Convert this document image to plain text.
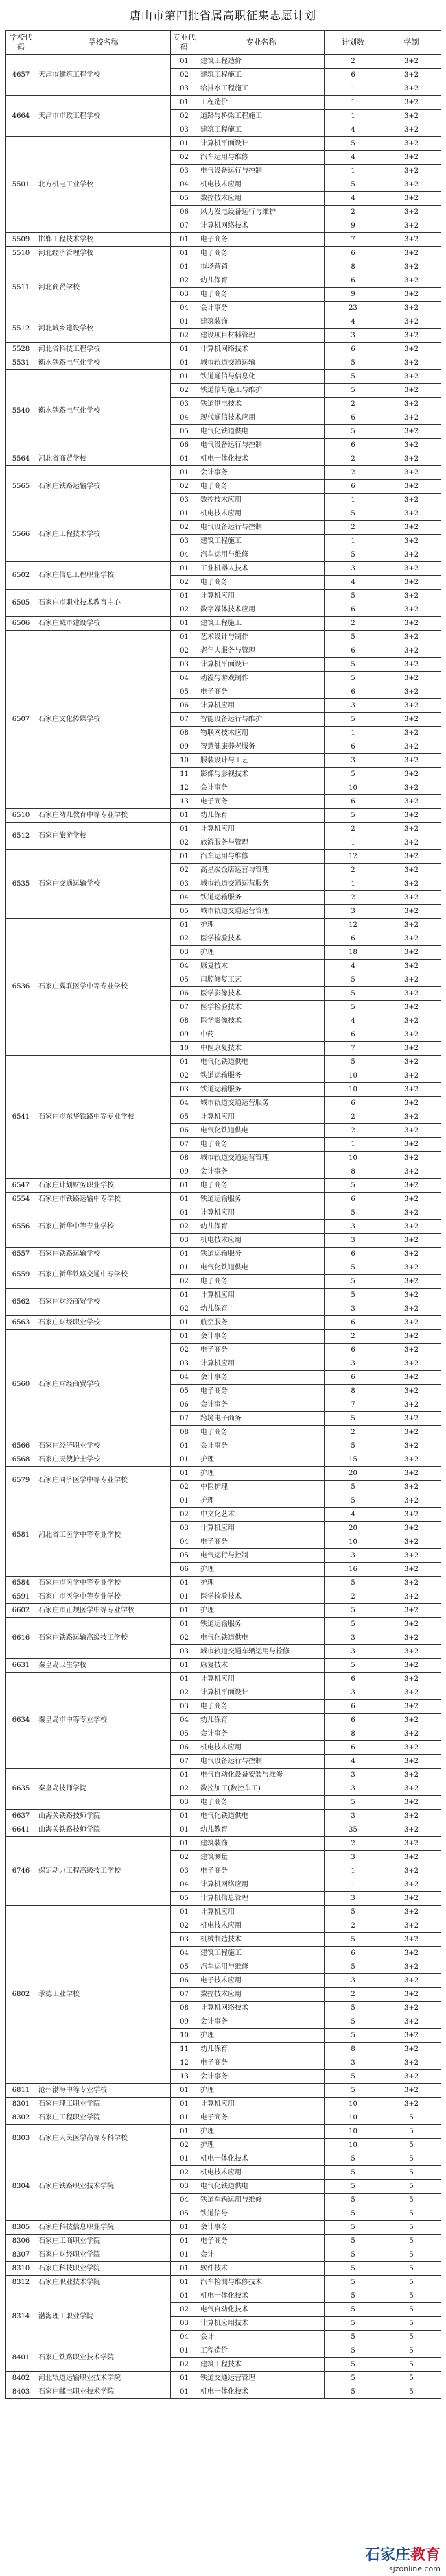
唐山市第四批省属高职征集志愿计划
学校代码	学校名称	专业代码	专业名称	计划数	学制
4657	天津市建筑工程学校	01	建筑工程造价	2	3+2
		02	建筑工程施工	6	3+2
		03	给排水工程施工	1	3+2
4664	天津市市政工程学校	01	工程造价	1	3+2
		02	道路与桥梁工程施工	1	3+2
		03	建筑工程施工	4	3+2
5501	北方机电工业学校	01	计算机平面设计	5	3+2
		02	汽车运用与维修	4	3+2
		03	电气设备运行与控制	1	3+2
		04	机电技术应用	5	3+2
		05	数控技术应用	4	3+2
		06	风力发电设备运行与维护	2	3+2
		07	计算机网络技术	9	3+2
5509	邯郸工程技术学校	01	电子商务	7	3+2
5510	河北经济管理学校	01	电子商务	6	3+2
5511	河北商贸学校	01	市场营销	8	3+2
		02	幼儿保育	6	3+2
		03	电子商务	9	3+2
		04	会计事务	23	3+2
5512	河北城乡建设学校	01	建筑装饰	4	3+2
		02	建设项目材料管理	3	3+2
5528	河北省科技工程学校	01	计算机网络技术	6	3+2
5531	衡水铁路电气化学校	01	城市轨道交通运输	5	3+2
5540	衡水铁路电气化学校	01	铁道通信与信息化	5	3+2
		02	铁道信号施工与维护	5	3+2
		03	铁道供电技术	2	3+2
		04	现代通信技术应用	6	3+2
		05	电气化铁道供电	5	3+2
		06	电气设备运行与控制	6	3+2
5564	河北省商贸学校	01	机电一体化技术	2	3+2
5565	石家庄铁路运输学校	01	会计事务	2	3+2
		02	电子商务	6	3+2
		03	数控技术应用	1	3+2
5566	石家庄工程技术学校	01	机电技术应用	5	3+2
		02	电气设备运行与控制	2	3+2
		03	建筑工程施工	1	3+2
		04	汽车运用与维修	5	3+2
6502	石家庄信息工程职业学校	01	工业机器人技术	3	3+2
		02	电子商务	4	3+2
6505	石家庄市职业技术教育中心	01	计算机应用	5	3+2
		02	数字媒体技术应用	6	3+2
6506	石家庄城市建设学校	01	建筑工程施工	2	3+2
6507	石家庄文化传媒学校	01	艺术设计与制作	5	3+2
		02	老年人服务与管理	6	3+2
		03	计算机平面设计	5	3+2
		04	动漫与游戏制作	5	3+2
		05	电子商务	6	3+2
		06	计算机应用	3	3+2
		07	智能设备运行与维护	5	3+2
		08	物联网技术应用	1	3+2
		09	智慧健康养老服务	6	3+2
		10	服装设计与工艺	3	3+2
		11	影像与影视技术	5	3+2
		12	会计事务	10	3+2
		13	电子商务	6	3+2
6510	石家庄幼儿教育中等专业学校	01	幼儿保育	5	3+2
6512	石家庄旅游学校	01	计算机应用	2	3+2
		02	旅游服务与管理	1	3+2
6535	石家庄交通运输学校	01	汽车运用与维修	12	3+2
		02	高星级饭店运营与管理	2	3+2
		03	城市轨道交通运营服务	1	3+2
		04	铁道运输服务	2	3+2
		05	城市轨道交通运营管理	3	3+2
6536	石家庄冀联医学中等专业学校	01	护理	12	3+2
		02	医学检验技术	6	3+2
		03	护理	18	3+2
		04	康复技术	4	3+2
		05	口腔修复工艺	5	3+2
		06	医学影像技术	5	3+2
		07	医学检验技术	5	3+2
		08	医学影像技术	4	3+2
		09	中药	6	3+2
		10	中医康复技术	7	3+2
6541	石家庄市东华铁路中等专业学校	01	电气化铁道供电	5	3+2
		02	铁道运输服务	10	3+2
		03	铁道运输服务	10	3+2
		04	城市轨道交通运营服务	6	3+2
		05	计算机应用	2	3+2
		06	电气化铁道供电	2	3+2
		07	电子商务	1	3+2
		08	城市轨道交通运营管理	10	3+2
		09	会计事务	8	3+2
6547	石家庄计划财务职业学校	01	电子商务	5	3+2
6554	石家庄市铁路运输中专学校	01	铁道运输服务	6	3+2
6556	石家庄新华中等专业学校	01	计算机应用	5	3+2
		02	幼儿保育	3	3+2
		03	机电技术应用	3	3+2
6557	石家庄铁路运输学校	01	铁道运输服务	6	3+2
6559	石家庄新华铁路交通中专学校	01	电气化铁道供电	5	3+2
		02	电子商务	5	3+2
6562	石家庄财经商贸学校	01	计算机应用	5	3+2
		02	幼儿保育	3	3+2
6563	石家庄财经职业学校	01	航空服务	6	3+2
6560	石家庄财经商贸学校	01	会计事务	2	3+2
		02	电子商务	6	3+2
		03	计算机应用	3	3+2
		04	会计事务	6	3+2
		05	电子商务	8	3+2
		06	会计事务	7	3+2
		07	跨境电子商务	5	3+2
		08	电子商务	2	3+2
6566	石家庄经济职业学校	01	会计事务	5	3+2
6568	石家庄天使护士学校	01	护理	15	3+2
6579	石家庄同济医学中等专业学校	01	护理	20	3+2
		02	中医护理	5	3+2
6581	河北省工医学中等专业学校	01	护理	5	3+2
		02	中文化艺术	4	3+2
		03	计算机应用	20	3+2
		04	电子商务	10	3+2
		05	电气运行与控制	3	3+2
		06	护理	16	3+2
6584	石家庄市医学中等专业学校	01	护理	5	3+2
6591	石家庄市医学中等专业学校	01	医学检验技术	2	3+2
6602	石家庄市正规医学中等专业学校	01	护理	5	3+2
6616	石家庄铁路运输高级技工学校	01	铁道运输服务	5	3+2
		02	电气化铁道供电	3	3+2
		03	城市轨道交通车辆运用与检修	3	3+2
6631	秦皇岛卫生学校	01	康复技术	5	3+2
6634	秦皇岛市中等专业学校	01	计算机应用	6	3+2
		02	计算机平面设计	3	3+2
		03	电子商务	6	3+2
		04	幼儿保育	6	3+2
		05	会计事务	8	3+2
		06	机电技术应用	6	3+2
		07	电气设备运行与控制	4	3+2
6635	秦皇岛技师学院	01	电气自动化设备安装与维修	3	3+2
		02	数控加工(数控车工)	3	3+2
		03	电子商务	5	3+2
6637	山海关铁路技师学院	01	电气化铁道供电	3	3+2
6641	山海关铁路技师学院	01	幼儿教育	35	3+2
6746	保定动力工程高级技工学校	01	建筑装饰	2	3+2
		02	建筑测量	3	3+2
		03	电子商务	1	3+2
		04	计算机网络应用	1	3+2
		05	计算机信息管理	3	3+2
6802	承德工业学校	01	计算机应用	5	3+2
		02	机电技术应用	2	3+2
		03	机械制造技术	5	3+2
		04	建筑工程施工	6	3+2
		05	汽车运用与维修	5	3+2
		06	电子技术应用	3	3+2
		07	数控技术应用	2	3+2
		08	计算机网络技术	5	3+2
		09	会计事务	5	3+2
		10	护理	5	3+2
		11	幼儿保育	8	3+2
		12	电子商务	3	3+2
		13	会计事务	5	3+2
6811	沧州渤海中等专业学校	01	护理	5	3+2
8301	石家庄理工职业学院	01	计算机应用	10	3+2
8302	石家庄工程职业学院	01	电子商务	10	5
8303	石家庄人民医学高等专科学校	01	护理	10	5
		02	护理	10	5
8304	石家庄铁路职业技术学院	01	机电一体化技术	5	5
		02	机电技术应用	5	5
		03	电气化铁道供电	5	5
		04	铁道车辆运用与维修	5	5
		05	铁道信号	5	5
8305	石家庄科技信息职业学院	01	会计事务	5	5
8306	石家庄工商职业学院	01	电子商务	5	5
8307	石家庄财经职业学院	01	会计	5	5
8310	石家庄科技职业学院	01	软件技术	5	5
8312	石家庄职业技术学院	01	汽车检测与维修技术	5	5
8314	渤海理工职业学院	01	机电一体化技术	5	5
		02	电气自动化技术	5	5
		03	计算机应用技术	5	5
		04	会计	5	5
8401	石家庄铁路职业技术学院	01	工程造价	5	5
		02	建筑工程技术	5	5
8402	河北轨道运输职业技术学院	01	铁道交通运营管理	5	5
8403	石家庄邮电职业技术学院	01	机电一体化技术	5	5
石家庄教育
sjzonline.com
